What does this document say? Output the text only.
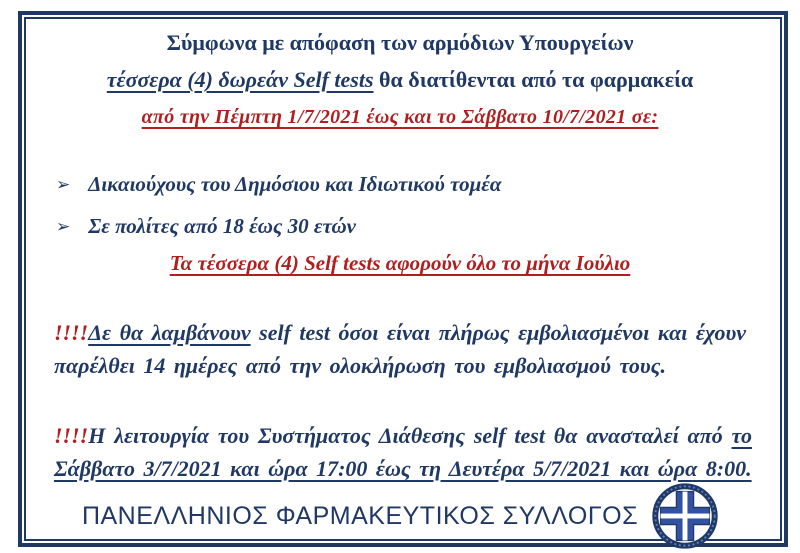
Σύμφωνα με απόφαση των αρμόδιων Υπουργείων
τέσσερα (4) δωρεάν Self tests θα διατίθενται από τα φαρμακεία
από την Πέμπτη 1/7/2021 έως και το Σάββατο 10/7/2021 σε:
➢ Δικαιούχους του Δημόσιου και Ιδιωτικού τομέα
➢ Σε πολίτες από 18 έως 30 ετών
Τα τέσσερα (4) Self tests αφορούν όλο το μήνα Ιούλιο
!!!!Δε θα λαμβάνουν self test όσοι είναι πλήρως εμβολιασμένοι και έχουν παρέλθει 14 ημέρες από την ολοκλήρωση του εμβολιασμού τους.
!!!!Η λειτουργία του Συστήματος Διάθεσης self test θα ανασταλεί από το Σάββατο 3/7/2021 και ώρα 17:00 έως τη Δευτέρα 5/7/2021 και ώρα 8:00.
ΠΑΝΕΛΛΗΝΙΟΣ ΦΑΡΜΑΚΕΥΤΙΚΟΣ ΣΥΛΛΟΓΟΣ
